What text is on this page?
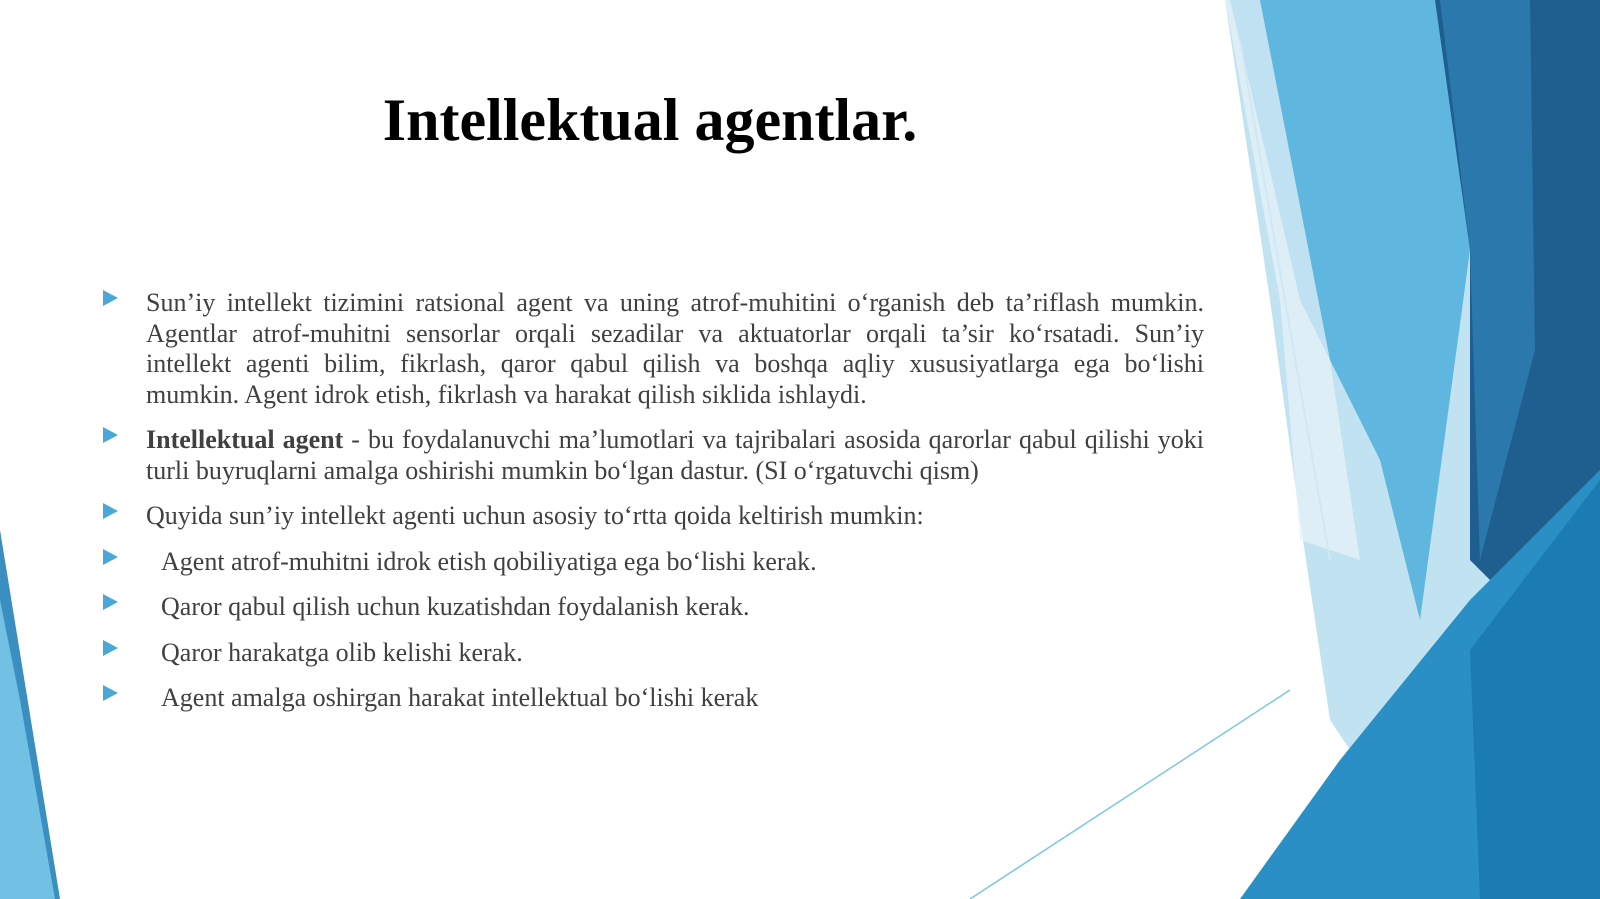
Intellektual agentlar.
Sun’iy intellekt tizimini ratsional agent va uning atrof-muhitini o‘rganish deb ta’riflash mumkin. Agentlar atrof-muhitni sensorlar orqali sezadilar va aktuatorlar orqali ta’sir ko‘rsatadi. Sun’iy intellekt agenti bilim, fikrlash, qaror qabul qilish va boshqa aqliy xususiyatlarga ega bo‘lishi mumkin. Agent idrok etish, fikrlash va harakat qilish siklida ishlaydi.
Intellektual agent - bu foydalanuvchi ma’lumotlari va tajribalari asosida qarorlar qabul qilishi yoki turli buyruqlarni amalga oshirishi mumkin bo‘lgan dastur. (SI o‘rgatuvchi qism)
Quyida sun’iy intellekt agenti uchun asosiy to‘rtta qoida keltirish mumkin:
Agent atrof-muhitni idrok etish qobiliyatiga ega bo‘lishi kerak.
Qaror qabul qilish uchun kuzatishdan foydalanish kerak.
Qaror harakatga olib kelishi kerak.
Agent amalga oshirgan harakat intellektual bo‘lishi kerak
